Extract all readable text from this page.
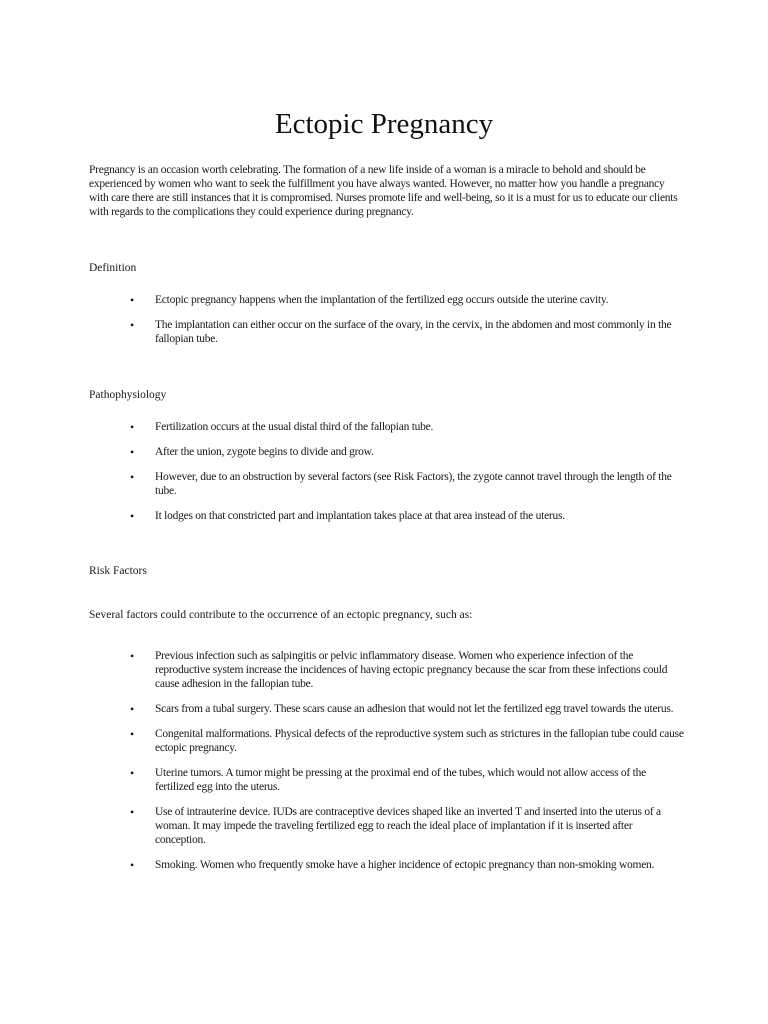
Ectopic Pregnancy

Pregnancy is an occasion worth celebrating. The formation of a new life inside of a woman is a miracle to behold and should be experienced by women who want to seek the fulfillment you have always wanted. However, no matter how you handle a pregnancy with care there are still instances that it is compromised. Nurses promote life and well-being, so it is a must for us to educate our clients with regards to the complications they could experience during pregnancy.

Definition

• Ectopic pregnancy happens when the implantation of the fertilized egg occurs outside the uterine cavity.
• The implantation can either occur on the surface of the ovary, in the cervix, in the abdomen and most commonly in the fallopian tube.

Pathophysiology

• Fertilization occurs at the usual distal third of the fallopian tube.
• After the union, zygote begins to divide and grow.
• However, due to an obstruction by several factors (see Risk Factors), the zygote cannot travel through the length of the tube.
• It lodges on that constricted part and implantation takes place at that area instead of the uterus.

Risk Factors

Several factors could contribute to the occurrence of an ectopic pregnancy, such as:

• Previous infection such as salpingitis or pelvic inflammatory disease. Women who experience infection of the reproductive system increase the incidences of having ectopic pregnancy because the scar from these infections could cause adhesion in the fallopian tube.
• Scars from a tubal surgery. These scars cause an adhesion that would not let the fertilized egg travel towards the uterus.
• Congenital malformations. Physical defects of the reproductive system such as strictures in the fallopian tube could cause ectopic pregnancy.
• Uterine tumors. A tumor might be pressing at the proximal end of the tubes, which would not allow access of the fertilized egg into the uterus.
• Use of intrauterine device. IUDs are contraceptive devices shaped like an inverted T and inserted into the uterus of a woman. It may impede the traveling fertilized egg to reach the ideal place of implantation if it is inserted after conception.
• Smoking. Women who frequently smoke have a higher incidence of ectopic pregnancy than non-smoking women.
